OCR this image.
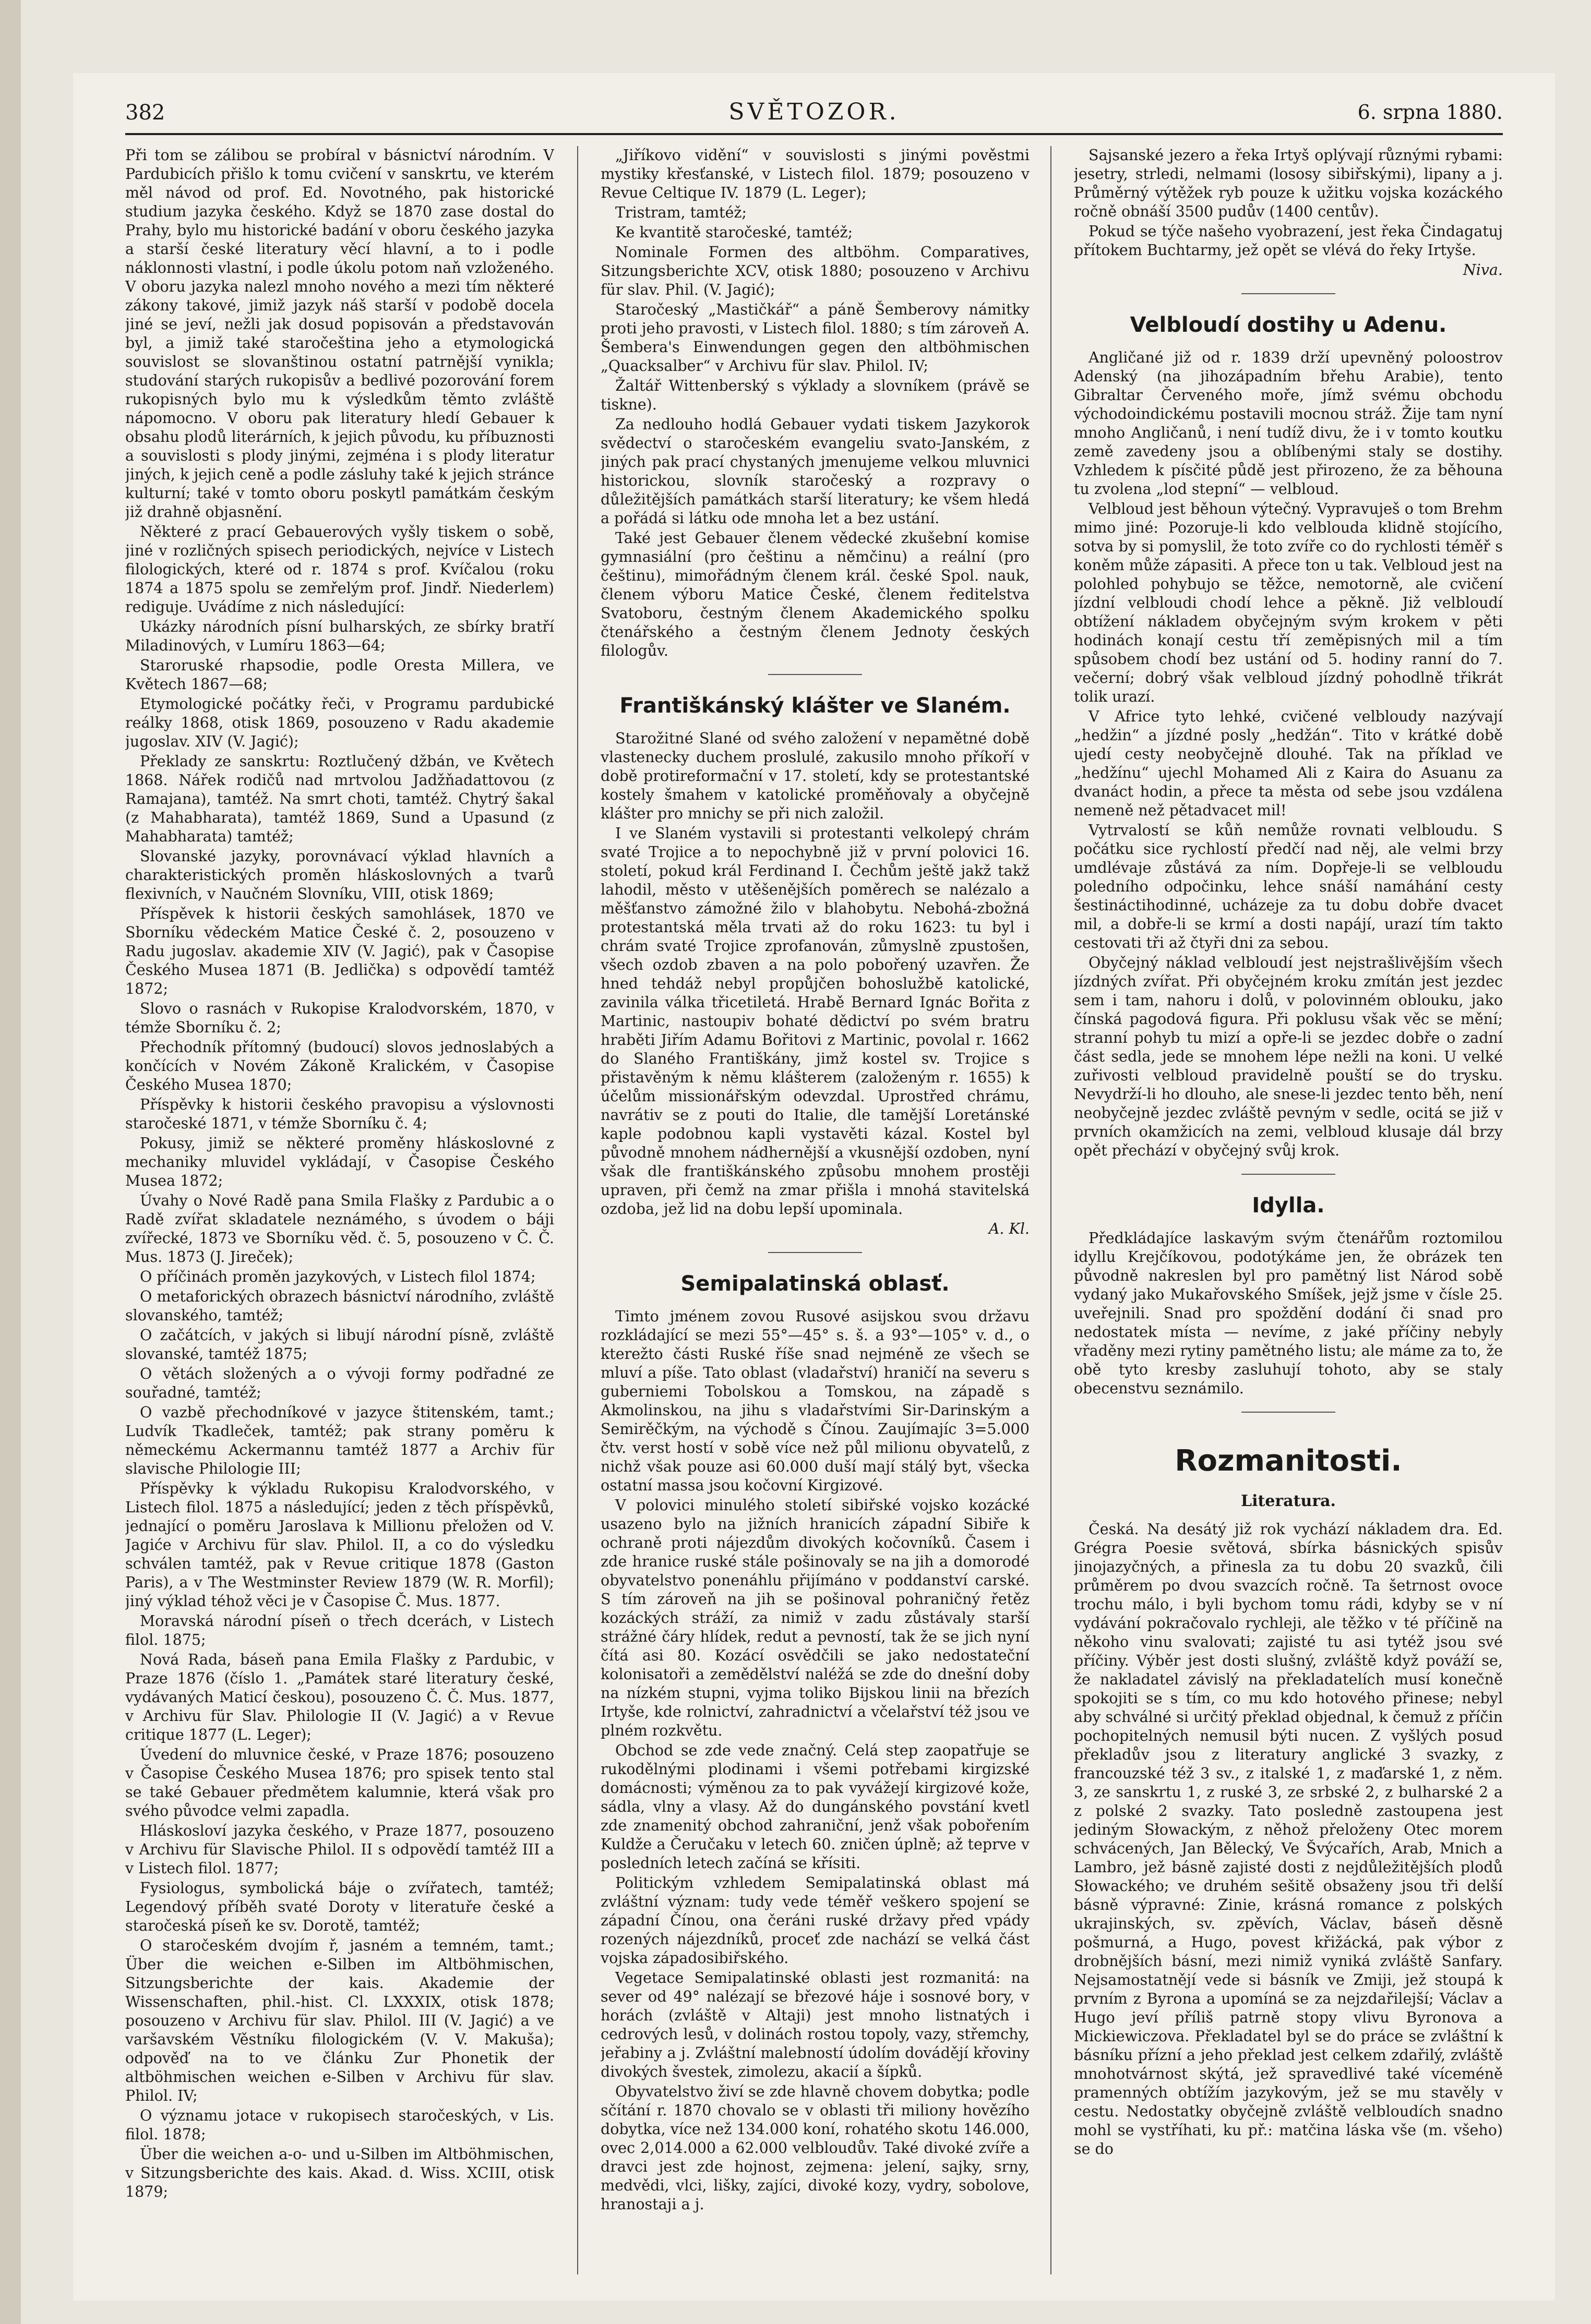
382	SVĚTOZOR.	6. srpna 1880.

Při tom se zálibou se probíral v básnictví národním. V Pardubicích přišlo k tomu cvičení v sanskrtu, ve kterém měl návod od prof. Ed. Novotného, pak historické studium jazyka českého. Když se 1870 zase dostal do Prahy, bylo mu historické badání v oboru českého jazyka a starší české literatury věcí hlavní, a to i podle náklonnosti vlastní, i podle úkolu potom naň vzloženého. V oboru jazyka nalezl mnoho nového a mezi tím některé zákony takové, jimiž jazyk náš starší v podobě docela jiné se jeví, nežli jak dosud popisován a představován byl, a jimiž také staročeština jeho a etymologická souvislost se slovanštinou ostatní patrnější vynikla; studování starých rukopisův a bedlivé pozorování forem rukopisných bylo mu k výsledkům těmto zvláště nápomocno. V oboru pak literatury hledí Gebauer k obsahu plodů literárních, k jejich původu, ku příbuznosti a souvislosti s plody jinými, zejména i s plody literatur jiných, k jejich ceně a podle zásluhy také k jejich stránce kulturní; také v tomto oboru poskytl památkám českým již drahně objasnění.

Některé z prací Gebauerových vyšly tiskem o sobě, jiné v rozličných spisech periodických, nejvíce v Listech filologických, které od r. 1874 s prof. Kvíčalou (roku 1874 a 1875 spolu se zemřelým prof. Jindř. Niederlem) rediguje. Uvádíme z nich následující:

Ukázky národních písní bulharských, ze sbírky bratří Miladinových, v Lumíru 1863—64;

Staroruské rhapsodie, podle Oresta Millera, ve Květech 1867—68;

Etymologické počátky řeči, v Programu pardubické reálky 1868, otisk 1869, posouzeno v Radu akademie jugoslav. XIV (V. Jagić);

Překlady ze sanskrtu: Roztlučený džbán, ve Květech 1868. Nářek rodičů nad mrtvolou Jadžňadattovou (z Ramajana), tamtéž. Na smrt choti, tamtéž. Chytrý šakal (z Mahabharata), tamtéž 1869, Sund a Upasund (z Mahabharata) tamtéž;

Slovanské jazyky, porovnávací výklad hlavních a charakteristických proměn hláskoslovných a tvarů flexivních, v Naučném Slovníku, VIII, otisk 1869;

Příspěvek k historii českých samohlásek, 1870 ve Sborníku vědeckém Matice České č. 2, posouzeno v Radu jugoslav. akademie XIV (V. Jagić), pak v Časopise Českého Musea 1871 (B. Jedlička) s odpovědí tamtéž 1872;

Slovo o rasnách v Rukopise Kralodvorském, 1870, v témže Sborníku č. 2;

Přechodník přítomný (budoucí) slovos jednoslabých a končících v Novém Zákoně Kralickém, v Časopise Českého Musea 1870;

Příspěvky k historii českého pravopisu a výslovnosti staročeské 1871, v témže Sborníku č. 4;

Pokusy, jimiž se některé proměny hláskoslovné z mechaniky mluvidel vykládají, v Časopise Českého Musea 1872;

Úvahy o Nové Radě pana Smila Flašky z Pardubic a o Radě zvířat skladatele neznámého, s úvodem o báji zvířecké, 1873 ve Sborníku věd. č. 5, posouzeno v Č. Č. Mus. 1873 (J. Jireček);

O příčinách proměn jazykových, v Listech filol 1874;

O metaforických obrazech básnictví národního, zvláště slovanského, tamtéž;

O začátcích, v jakých si libují národní písně, zvláště slovanské, tamtéž 1875;

O větách složených a o vývoji formy podřadné ze souřadné, tamtéž;

O vazbě přechodníkové v jazyce štitenském, tamt.; Ludvík Tkadleček, tamtéž; pak strany poměru k německému Ackermannu tamtéž 1877 a Archiv für slavische Philologie III;

Příspěvky k výkladu Rukopisu Kralodvorského, v Listech filol. 1875 a následující; jeden z těch příspěvků, jednající o poměru Jaroslava k Millionu přeložen od V. Jagiće v Archivu für slav. Philol. II, a co do výsledku schválen tamtéž, pak v Revue critique 1878 (Gaston Paris), a v The Westminster Review 1879 (W. R. Morfil); jiný výklad téhož věci je v Časopise Č. Mus. 1877.

Moravská národní píseň o třech dcerách, v Listech filol. 1875;

Nová Rada, báseň pana Emila Flašky z Pardubic, v Praze 1876 (číslo 1. „Památek staré literatury české, vydávaných Maticí českou), posouzeno Č. Č. Mus. 1877, v Archivu für Slav. Philologie II (V. Jagić) a v Revue critique 1877 (L. Leger);

Úvedení do mluvnice české, v Praze 1876; posouzeno v Časopise Českého Musea 1876; pro spisek tento stal se také Gebauer předmětem kalumnie, která však pro svého původce velmi zapadla.

Hláskosloví jazyka českého, v Praze 1877, posouzeno v Archivu für Slavische Philol. II s odpovědí tamtéž III a v Listech filol. 1877;

Fysiologus, symbolická báje o zvířatech, tamtéž; Legendový příběh svaté Doroty v literatuře české a staročeská píseň ke sv. Dorotě, tamtéž;

O staročeském dvojím ř, jasném a temném, tamt.; Über die weichen e-Silben im Altböhmischen, Sitzungsberichte der kais. Akademie der Wissenschaften, phil.-hist. Cl. LXXXIX, otisk 1878; posouzeno v Archivu für slav. Philol. III (V. Jagić) a ve varšavském Věstníku filologickém (V. V. Makuša); odpověď na to ve článku Zur Phonetik der altböhmischen weichen e-Silben v Archivu für slav. Philol. IV;

O významu jotace v rukopisech staročeských, v Lis. filol. 1878;

Über die weichen a-o- und u-Silben im Altböhmischen, v Sitzungsberichte des kais. Akad. d. Wiss. XCIII, otisk 1879;

„Jiříkovo vidění“ v souvislosti s jinými pověstmi mystiky křesťanské, v Listech filol. 1879; posouzeno v Revue Celtique IV. 1879 (L. Leger);

Tristram, tamtéž;

Ke kvantitě staročeské, tamtéž;

Nominale Formen des altböhm. Comparatives, Sitzungsberichte XCV, otisk 1880; posouzeno v Archivu für slav. Phil. (V. Jagić);

Staročeský „Mastičkář“ a páně Šemberovy námitky proti jeho pravosti, v Listech filol. 1880; s tím zároveň A. Šembera's Einwendungen gegen den altböhmischen „Quacksalber“ v Archivu für slav. Philol. IV;

Žaltář Wittenberský s výklady a slovníkem (právě se tiskne).

Za nedlouho hodlá Gebauer vydati tiskem Jazykorok svědectví o staročeském evangeliu svato-Janském, z jiných pak prací chystaných jmenujeme velkou mluvnici historickou, slovník staročeský a rozpravy o důležitějších památkách starší literatury; ke všem hledá a pořádá si látku ode mnoha let a bez ustání.

Také jest Gebauer členem vědecké zkušební komise gymnasiální (pro češtinu a němčinu) a reální (pro češtinu), mimořádným členem král. české Spol. nauk, členem výboru Matice České, členem ředitelstva Svatoboru, čestným členem Akademického spolku čtenářského a čestným členem Jednoty českých filologův.

Františkánský klášter ve Slaném.

Starožitné Slané od svého založení v nepamětné době vlastenecky duchem proslulé, zakusilo mnoho příkoří v době protireformační v 17. století, kdy se protestantské kostely šmahem v katolické proměňovaly a obyčejně klášter pro mnichy se při nich založil.

I ve Slaném vystavili si protestanti velkolepý chrám svaté Trojice a to nepochybně již v první polovici 16. století, pokud král Ferdinand I. Čechům ještě jakž takž lahodil, město v utěšenějších poměrech se nalézalo a měšťanstvo zámožné žilo v blahobytu. Nebohá-zbožná protestantská měla trvati až do roku 1623: tu byl i chrám svaté Trojice zprofanován, zůmyslně zpustošen, všech ozdob zbaven a na polo pobořený uzavřen. Že hned tehdáž nebyl propůjčen bohoslužbě katolické, zavinila válka třicetiletá. Hrabě Bernard Ignác Bořita z Martinic, nastoupiv bohaté dědictví po svém bratru hraběti Jiřím Adamu Bořitovi z Martinic, povolal r. 1662 do Slaného Františkány, jimž kostel sv. Trojice s přistavěným k němu klášterem (založeným r. 1655) k účelům missionářským odevzdal. Uprostřed chrámu, navrátiv se z pouti do Italie, dle tamější Loretánské kaple podobnou kapli vystavěti kázal. Kostel byl původně mnohem nádhernější a vkusnější ozdoben, nyní však dle františkánského způsobu mnohem prostěji upraven, při čemž na zmar přišla i mnohá stavitelská ozdoba, jež lid na dobu lepší upominala.

A. Kl.
Semipalatinská oblasť.

Timto jménem zovou Rusové asijskou svou državu rozkládající se mezi 55°—45° s. š. a 93°—105° v. d., o kterežto části Ruské říše snad nejméně ze všech se mluví a píše. Tato oblast (vladařství) hraničí na severu s guberniemi Tobolskou a Tomskou, na západě s Akmolinskou, na jihu s vladařstvími Sir-Darinským a Semirěčkým, na východě s Čínou. Zaujímajíc 3=5.000 čtv. verst hostí v sobě více než půl milionu obyvatelů, z nichž však pouze asi 60.000 duší mají stálý byt, všecka ostatní massa jsou kočovní Kirgizové.

V polovici minulého století sibiřské vojsko kozácké usazeno bylo na jižních hranicích západní Sibiře k ochraně proti nájezdům divokých kočovníků. Časem i zde hranice ruské stále pošinovaly se na jih a domorodé obyvatelstvo ponenáhlu přijímáno v poddanství carské. S tím zároveň na jih se pošinoval pohraničný řetěz kozáckých stráží, za nimiž v zadu zůstávaly starší strážné čáry hlídek, redut a pevností, tak že se jich nyní čítá asi 80. Kozácí osvědčili se jako nedostateční kolonisatoři a zemědělství naléžá se zde do dnešní doby na nízkém stupni, vyjma toliko Bijskou linii na březích Irtyše, kde rolnictví, zahradnictví a včelařství též jsou ve plném rozkvětu.

Obchod se zde vede značný. Celá step zaopatřuje se rukodělnými plodinami i všemi potřebami kirgizské domácnosti; výměnou za to pak vyvážejí kirgizové kože, sádla, vlny a vlasy. Až do dungánského povstání kvetl zde znamenitý obchod zahraniční, jenž však pobořením Kuldže a Čeručaku v letech 60. zničen úplně; až teprve v posledních letech začíná se křísiti.

Politickým vzhledem Semipalatinská oblast má zvláštní význam: tudy vede téměř veškero spojení se západní Čínou, ona čeráni ruské državy před vpády rozených nájezdníků, proceť zde nachází se velká část vojska západosibiřského.

Vegetace Semipalatinské oblasti jest rozmanitá: na sever od 49° nalézají se březové háje i sosnové bory, v horách (zvláště v Altaji) jest mnoho listnatých i cedrových lesů, v dolinách rostou topoly, vazy, střemchy, jeřabiny a j. Zvláštní malebností údolím dovádějí křoviny divokých švestek, zimolezu, akacií a šípků.

Obyvatelstvo živí se zde hlavně chovem dobytka; podle sčítání r. 1870 chovalo se v oblasti tři miliony hovězího dobytka, více než 134.000 koní, rohatého skotu 146.000, ovec 2,014.000 a 62.000 velbloudův. Také divoké zvíře a dravci jest zde hojnost, zejmena: jelení, sajky, srny, medvědi, vlci, lišky, zajíci, divoké kozy, vydry, sobolove, hranostaji a j.

Sajsanské jezero a řeka Irtyš oplývají různými rybami: jesetry, strledi, nelmami (lososy sibiřskými), lipany a j. Průměrný výtěžek ryb pouze k užitku vojska kozáckého ročně obnáší 3500 pudův (1400 centův).

Pokud se týče našeho vyobrazení, jest řeka Čindagatuj přítokem Buchtarmy, jež opět se vlévá do řeky Irtyše.

Niva.
Velbloudí dostihy u Adenu.

Angličané již od r. 1839 drží upevněný poloostrov Adenský (na jihozápadním břehu Arabie), tento Gibraltar Červeného moře, jímž svému obchodu východoindickému postavili mocnou stráž. Žije tam nyní mnoho Angličanů, i není tudíž divu, že i v tomto koutku země zavedeny jsou a oblíbenými staly se dostihy. Vzhledem k písčité půdě jest přirozeno, že za běhouna tu zvolena „lod stepní“ — velbloud.

Velbloud jest běhoun výtečný. Vypravuješ o tom Brehm mimo jiné: Pozoruje-li kdo velblouda klidně stojícího, sotva by si pomyslil, že toto zvíře co do rychlosti téměř s koněm může zápasiti. A přece ton u tak. Velbloud jest na polohled pohybujo se těžce, nemotorně, ale cvičení jízdní velbloudi chodí lehce a pěkně. Již velbloudí obtížení nákladem obyčejným svým krokem v pěti hodinách konají cestu tří zeměpisných mil a tím spůsobem chodí bez ustání od 5. hodiny ranní do 7. večerní; dobrý však velbloud jízdný pohodlně třikrát tolik urazí.

V Africe tyto lehké, cvičené velbloudy nazývají „hedžin“ a jízdné posly „hedžán“. Tito v krátké době ujedí cesty neobyčejně dlouhé. Tak na příklad ve „hedžínu“ ujechl Mohamed Ali z Kaira do Asuanu za dvanáct hodin, a přece ta města od sebe jsou vzdálena nemeně než pětadvacet mil!

Vytrvalostí se kůň nemůže rovnati velbloudu. S počátku sice rychlostí předčí nad něj, ale velmi brzy umdlévaje zůstává za ním. Dopřeje-li se velbloudu poledního odpočinku, lehce snáší namáhání cesty šestináctihodinné, ucházeje za tu dobu dobře dvacet mil, a dobře-li se krmí a dosti napájí, urazí tím takto cestovati tři až čtyři dni za sebou.

Obyčejný náklad velbloudí jest nejstrašlivějším všech jízdných zvířat. Při obyčejném kroku zmítán jest jezdec sem i tam, nahoru i dolů, v polovinném oblouku, jako čínská pagodová figura. Při poklusu však věc se mění; stranní pohyb tu mizí a opře-li se jezdec dobře o zadní část sedla, jede se mnohem lépe nežli na koni. U velké zuřivosti velbloud pravidelně pouští se do trysku. Nevydrží-li ho dlouho, ale snese-li jezdec tento běh, není neobyčejně jezdec zvláště pevným v sedle, ocitá se již v prvních okamžicích na zemi, velbloud klusaje dál brzy opět přechází v obyčejný svůj krok.

Idylla.

Předkládajíce laskavým svým čtenářům roztomilou idyllu Krejčíkovou, podotýkáme jen, že obrázek ten původně nakreslen byl pro pamětný list Národ sobě vydaný jako Mukařovského Smíšek, jejž jsme v čísle 25. uveřejnili. Snad pro spoždění dodání či snad pro nedostatek místa — nevíme, z jaké příčiny nebyly vřaděny mezi rytiny pamětného listu; ale máme za to, že obě tyto kresby zasluhují tohoto, aby se staly obecenstvu seznámilo.

Rozmanitosti.
Literatura.

Česká. Na desátý již rok vychází nákladem dra. Ed. Grégra Poesie světová, sbírka básnických spisův jinojazyčných, a přinesla za tu dobu 20 svazků, čili průměrem po dvou svazcích ročně. Ta šetrnost ovoce trochu málo, i byli bychom tomu rádi, kdyby se v ní vydávání pokračovalo rychleji, ale těžko v té příčině na někoho vinu svalovati; zajisté tu asi tytéž jsou své příčiny. Výběr jest dosti slušný, zvláště když pováží se, že nakladatel závislý na překladatelích musí konečně spokojiti se s tím, co mu kdo hotového přinese; nebyl aby schválné si určitý překlad objednal, k čemuž z příčin pochopitelných nemusil býti nucen. Z vyšlých posud překladův jsou z literatury anglické 3 svazky, z francouzské též 3 sv., z italské 1, z maďarské 1, z něm. 3, ze sanskrtu 1, z ruské 3, ze srbské 2, z bulharské 2 a z polské 2 svazky. Tato posledně zastoupena jest jediným Słowackým, z něhož přeloženy Otec morem schvácených, Jan Bělecký, Ve Švýcařích, Arab, Mnich a Lambro, jež básně zajisté dosti z nejdůležitějších plodů Słowackého; ve druhém sešitě obsaženy jsou tři delší básně výpravné: Zinie, krásná romance z polských ukrajinských, sv. zpěvích, Václav, báseň děsně pošmurná, a Hugo, povest křižácká, pak výbor z drobnějších básní, mezi nimiž vyniká zvláště Sanfary. Nejsamostatnějí vede si básník ve Zmiji, jež stoupá k prvním z Byrona a upomíná se za nejzdařilejší; Václav a Hugo jeví příliš patrně stopy vlivu Byronova a Mickiewiczova. Překladatel byl se do práce se zvláštní k básníku přízní a jeho překlad jest celkem zdařilý, zvláště mnohotvárnost skýtá, jež spravedlivé také víceméně pramenných obtížím jazykovým, jež se mu stavěly v cestu. Nedostatky obyčejně zvláště velbloudích snadno mohl se vystříhati, ku př.: matčina láska vše (m. všeho) se do
